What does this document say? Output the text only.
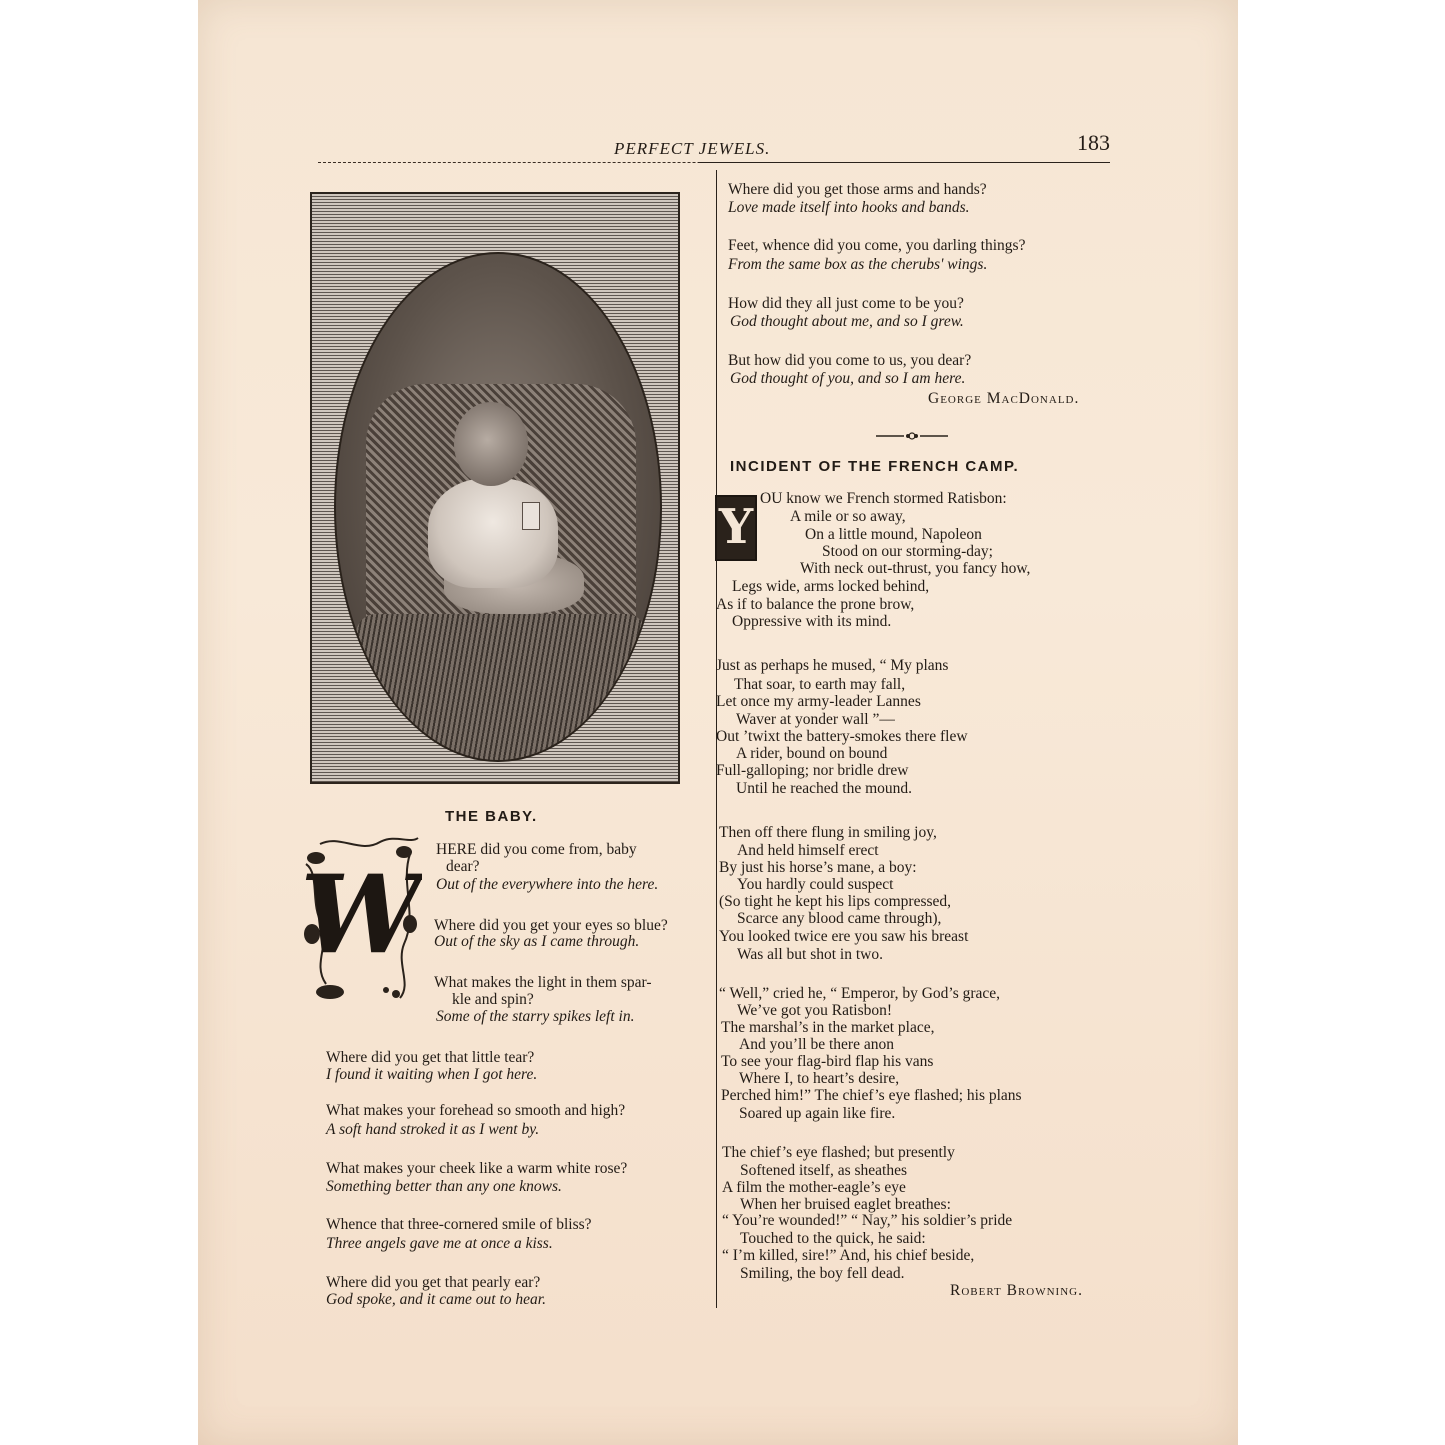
PERFECT JEWELS.	183
THE BABY.
W
HERE did you come from, baby
dear?
Out of the everywhere into the here.
Where did you get your eyes so blue?
Out of the sky as I came through.
What makes the light in them spar-
kle and spin?
Some of the starry spikes left in.
Where did you get that little tear?
I found it waiting when I got here.
What makes your forehead so smooth and high?
A soft hand stroked it as I went by.
What makes your cheek like a warm white rose?
Something better than any one knows.
Whence that three-cornered smile of bliss?
Three angels gave me at once a kiss.
Where did you get that pearly ear?
God spoke, and it came out to hear.
Where did you get those arms and hands?
Love made itself into hooks and bands.
Feet, whence did you come, you darling things?
From the same box as the cherubs' wings.
How did they all just come to be you?
God thought about me, and so I grew.
But how did you come to us, you dear?
God thought of you, and so I am here.
George MacDonald.
INCIDENT OF THE FRENCH CAMP.
Y
OU know we French stormed Ratisbon:
A mile or so away,
On a little mound, Napoleon
Stood on our storming-day;
With neck out-thrust, you fancy how,
Legs wide, arms locked behind,
As if to balance the prone brow,
Oppressive with its mind.
Just as perhaps he mused, “ My plans
That soar, to earth may fall,
Let once my army-leader Lannes
Waver at yonder wall ”—
Out ’twixt the battery-smokes there flew
A rider, bound on bound
Full-galloping; nor bridle drew
Until he reached the mound.
Then off there flung in smiling joy,
And held himself erect
By just his horse’s mane, a boy:
You hardly could suspect
(So tight he kept his lips compressed,
Scarce any blood came through),
You looked twice ere you saw his breast
Was all but shot in two.
“ Well,” cried he, “ Emperor, by God’s grace,
We’ve got you Ratisbon!
The marshal’s in the market place,
And you’ll be there anon
To see your flag-bird flap his vans
Where I, to heart’s desire,
Perched him!” The chief’s eye flashed; his plans
Soared up again like fire.
The chief’s eye flashed; but presently
Softened itself, as sheathes
A film the mother-eagle’s eye
When her bruised eaglet breathes:
“ You’re wounded!” “ Nay,” his soldier’s pride
Touched to the quick, he said:
“ I’m killed, sire!” And, his chief beside,
Smiling, the boy fell dead.
Robert Browning.
